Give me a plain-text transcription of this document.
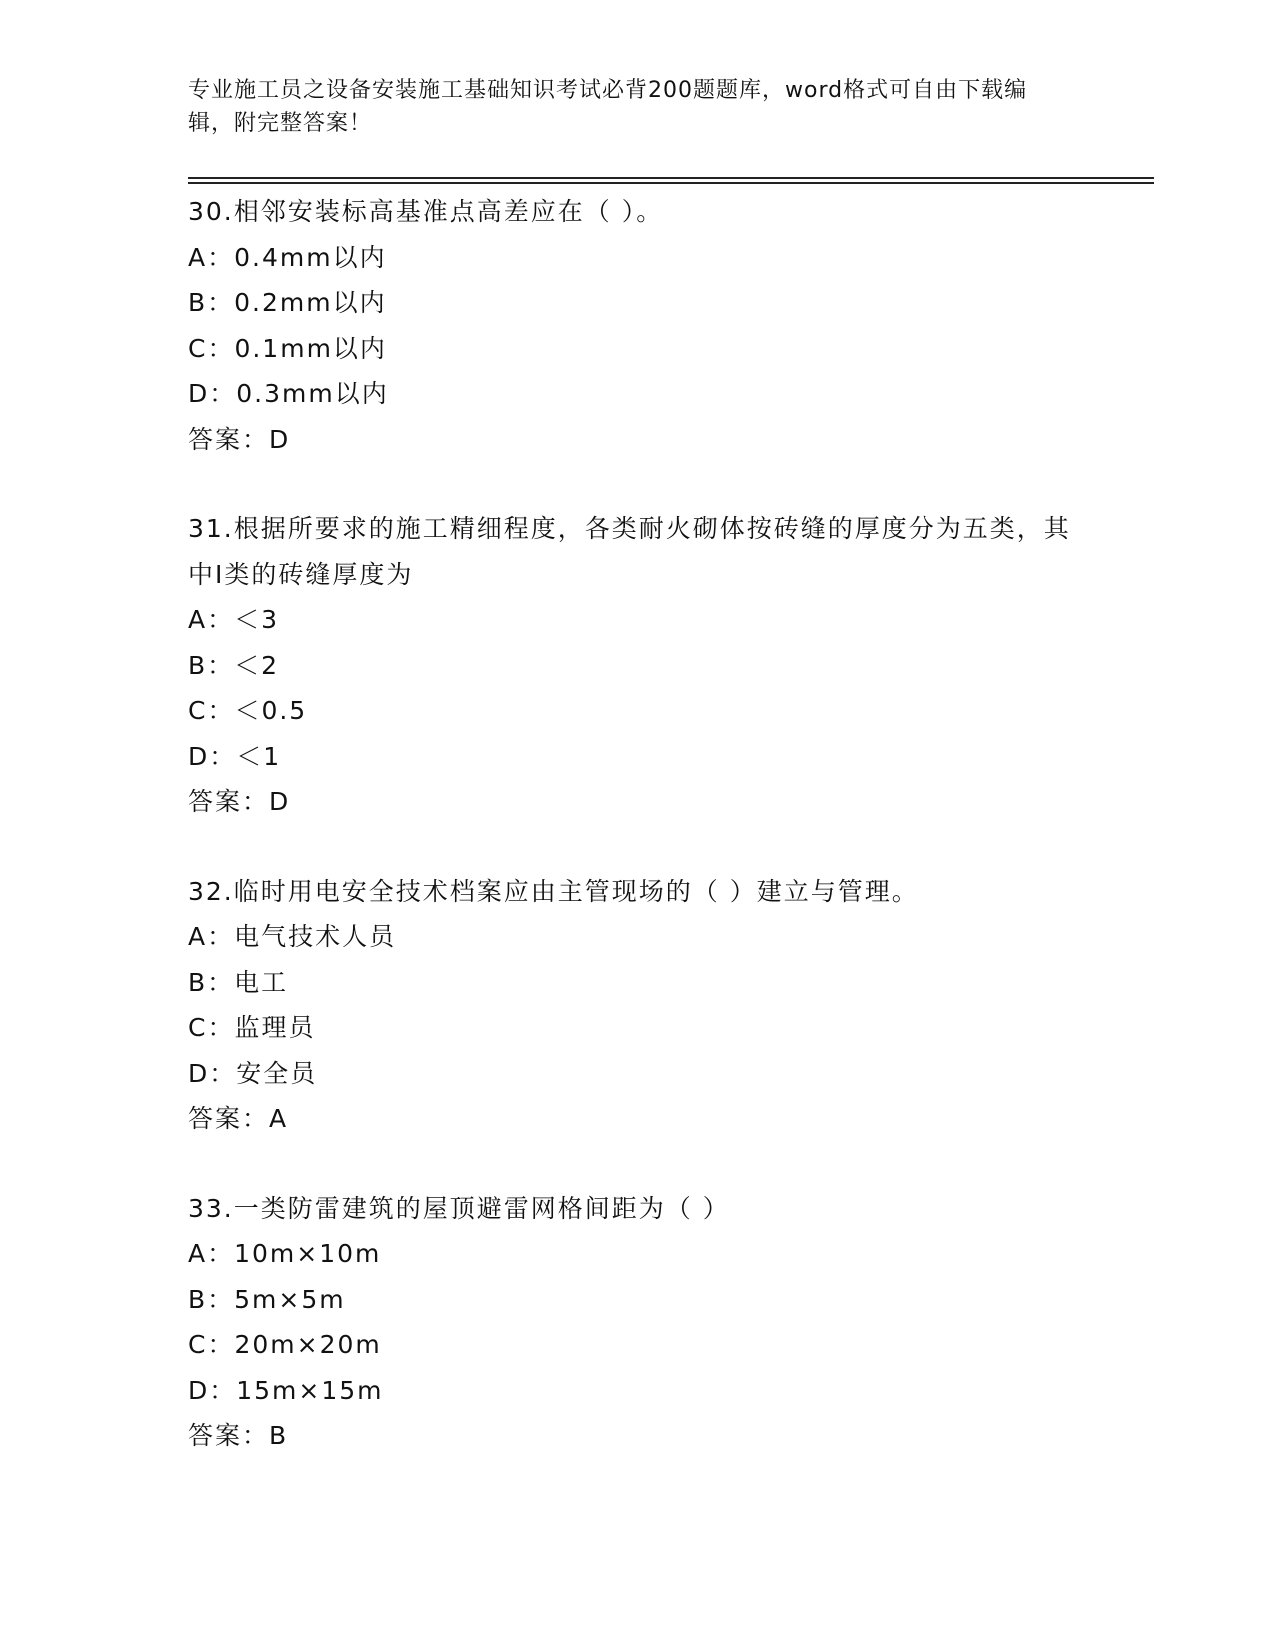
专业施工员之设备安装施工基础知识考试必背200题题库，word格式可自由下载编辑，附完整答案！
30.相邻安装标高基准点高差应在（ ）。
A：0.4mm以内
B：0.2mm以内
C：0.1mm以内
D：0.3mm以内
答案：D
31.根据所要求的施工精细程度，各类耐火砌体按砖缝的厚度分为五类，其中Ⅰ类的砖缝厚度为
A：＜3
B：＜2
C：＜0.5
D：＜1
答案：D
32.临时用电安全技术档案应由主管现场的（ ）建立与管理。
A：电气技术人员
B：电工
C：监理员
D：安全员
答案：A
33.一类防雷建筑的屋顶避雷网格间距为（ ）
A：10m×10m
B：5m×5m
C：20m×20m
D：15m×15m
答案：B
